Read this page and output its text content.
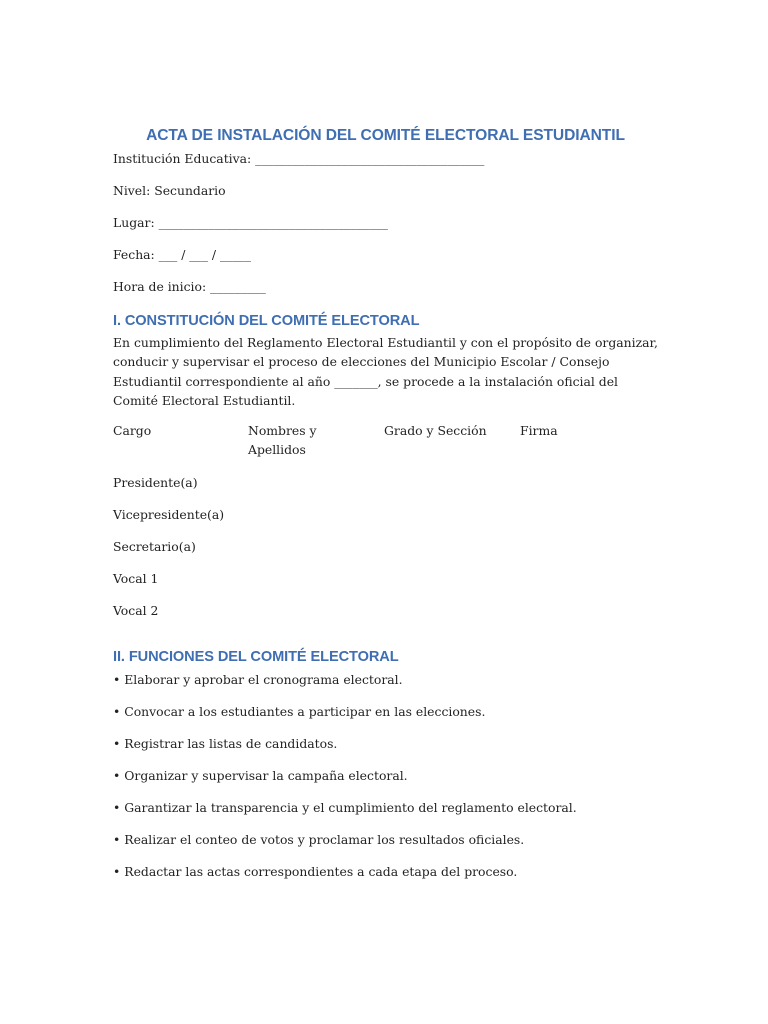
ACTA DE INSTALACIÓN DEL COMITÉ ELECTORAL ESTUDIANTIL
Institución Educativa: _____________________________________
Nivel: Secundario
Lugar: _____________________________________
Fecha: ___ / ___ / _____
Hora de inicio: _________
I. CONSTITUCIÓN DEL COMITÉ ELECTORAL
En cumplimiento del Reglamento Electoral Estudiantil y con el propósito de organizar, conducir y supervisar el proceso de elecciones del Municipio Escolar / Consejo Estudiantil correspondiente al año _______, se procede a la instalación oficial del Comité Electoral Estudiantil.
Cargo	Nombres y Apellidos
Grado y Sección	Firma
Presidente(a)
Vicepresidente(a)
Secretario(a)
Vocal 1
Vocal 2
II. FUNCIONES DEL COMITÉ ELECTORAL
• Elaborar y aprobar el cronograma electoral.
• Convocar a los estudiantes a participar en las elecciones.
• Registrar las listas de candidatos.
• Organizar y supervisar la campaña electoral.
• Garantizar la transparencia y el cumplimiento del reglamento electoral.
• Realizar el conteo de votos y proclamar los resultados oficiales.
• Redactar las actas correspondientes a cada etapa del proceso.
